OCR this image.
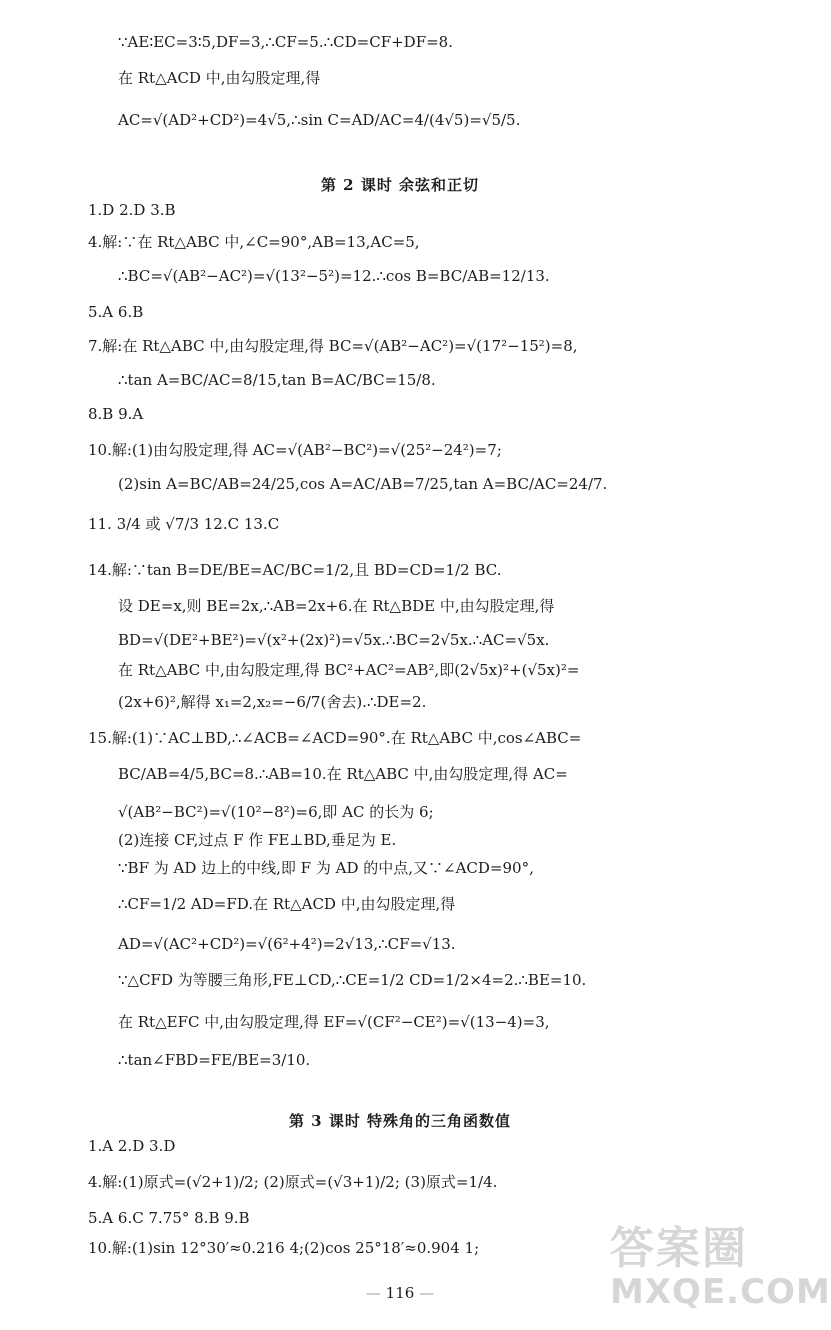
∵AE∶EC=3∶5,DF=3,∴CF=5.∴CD=CF+DF=8.
在 Rt△ACD 中,由勾股定理,得
AC=√(AD²+CD²)=4√5,∴sin C=AD/AC=4/(4√5)=√5/5.
第 2 课时 余弦和正切
1.D 2.D 3.B
4.解:∵在 Rt△ABC 中,∠C=90°,AB=13,AC=5,
∴BC=√(AB²−AC²)=√(13²−5²)=12.∴cos B=BC/AB=12/13.
5.A 6.B
7.解:在 Rt△ABC 中,由勾股定理,得 BC=√(AB²−AC²)=√(17²−15²)=8,
∴tan A=BC/AC=8/15,tan B=AC/BC=15/8.
8.B 9.A
10.解:(1)由勾股定理,得 AC=√(AB²−BC²)=√(25²−24²)=7;
(2)sin A=BC/AB=24/25,cos A=AC/AB=7/25,tan A=BC/AC=24/7.
11. 3/4 或 √7/3 12.C 13.C
14.解:∵tan B=DE/BE=AC/BC=1/2,且 BD=CD=1/2 BC.
设 DE=x,则 BE=2x,∴AB=2x+6.在 Rt△BDE 中,由勾股定理,得
BD=√(DE²+BE²)=√(x²+(2x)²)=√5x.∴BC=2√5x.∴AC=√5x.
在 Rt△ABC 中,由勾股定理,得 BC²+AC²=AB²,即(2√5x)²+(√5x)²=
(2x+6)²,解得 x₁=2,x₂=−6/7(舍去).∴DE=2.
15.解:(1)∵AC⊥BD,∴∠ACB=∠ACD=90°.在 Rt△ABC 中,cos∠ABC=
BC/AB=4/5,BC=8.∴AB=10.在 Rt△ABC 中,由勾股定理,得 AC=
√(AB²−BC²)=√(10²−8²)=6,即 AC 的长为 6;
(2)连接 CF,过点 F 作 FE⊥BD,垂足为 E.
∵BF 为 AD 边上的中线,即 F 为 AD 的中点,又∵∠ACD=90°,
∴CF=1/2 AD=FD.在 Rt△ACD 中,由勾股定理,得
AD=√(AC²+CD²)=√(6²+4²)=2√13,∴CF=√13.
∵△CFD 为等腰三角形,FE⊥CD,∴CE=1/2 CD=1/2×4=2.∴BE=10.
在 Rt△EFC 中,由勾股定理,得 EF=√(CF²−CE²)=√(13−4)=3,
∴tan∠FBD=FE/BE=3/10.
第 3 课时 特殊角的三角函数值
1.A 2.D 3.D
4.解:(1)原式=(√2+1)/2; (2)原式=(√3+1)/2; (3)原式=1/4.
5.A 6.C 7.75° 8.B 9.B
10.解:(1)sin 12°30′≈0.216 4;(2)cos 25°18′≈0.904 1;
— 116 —
答案圈
MXQE.COM
